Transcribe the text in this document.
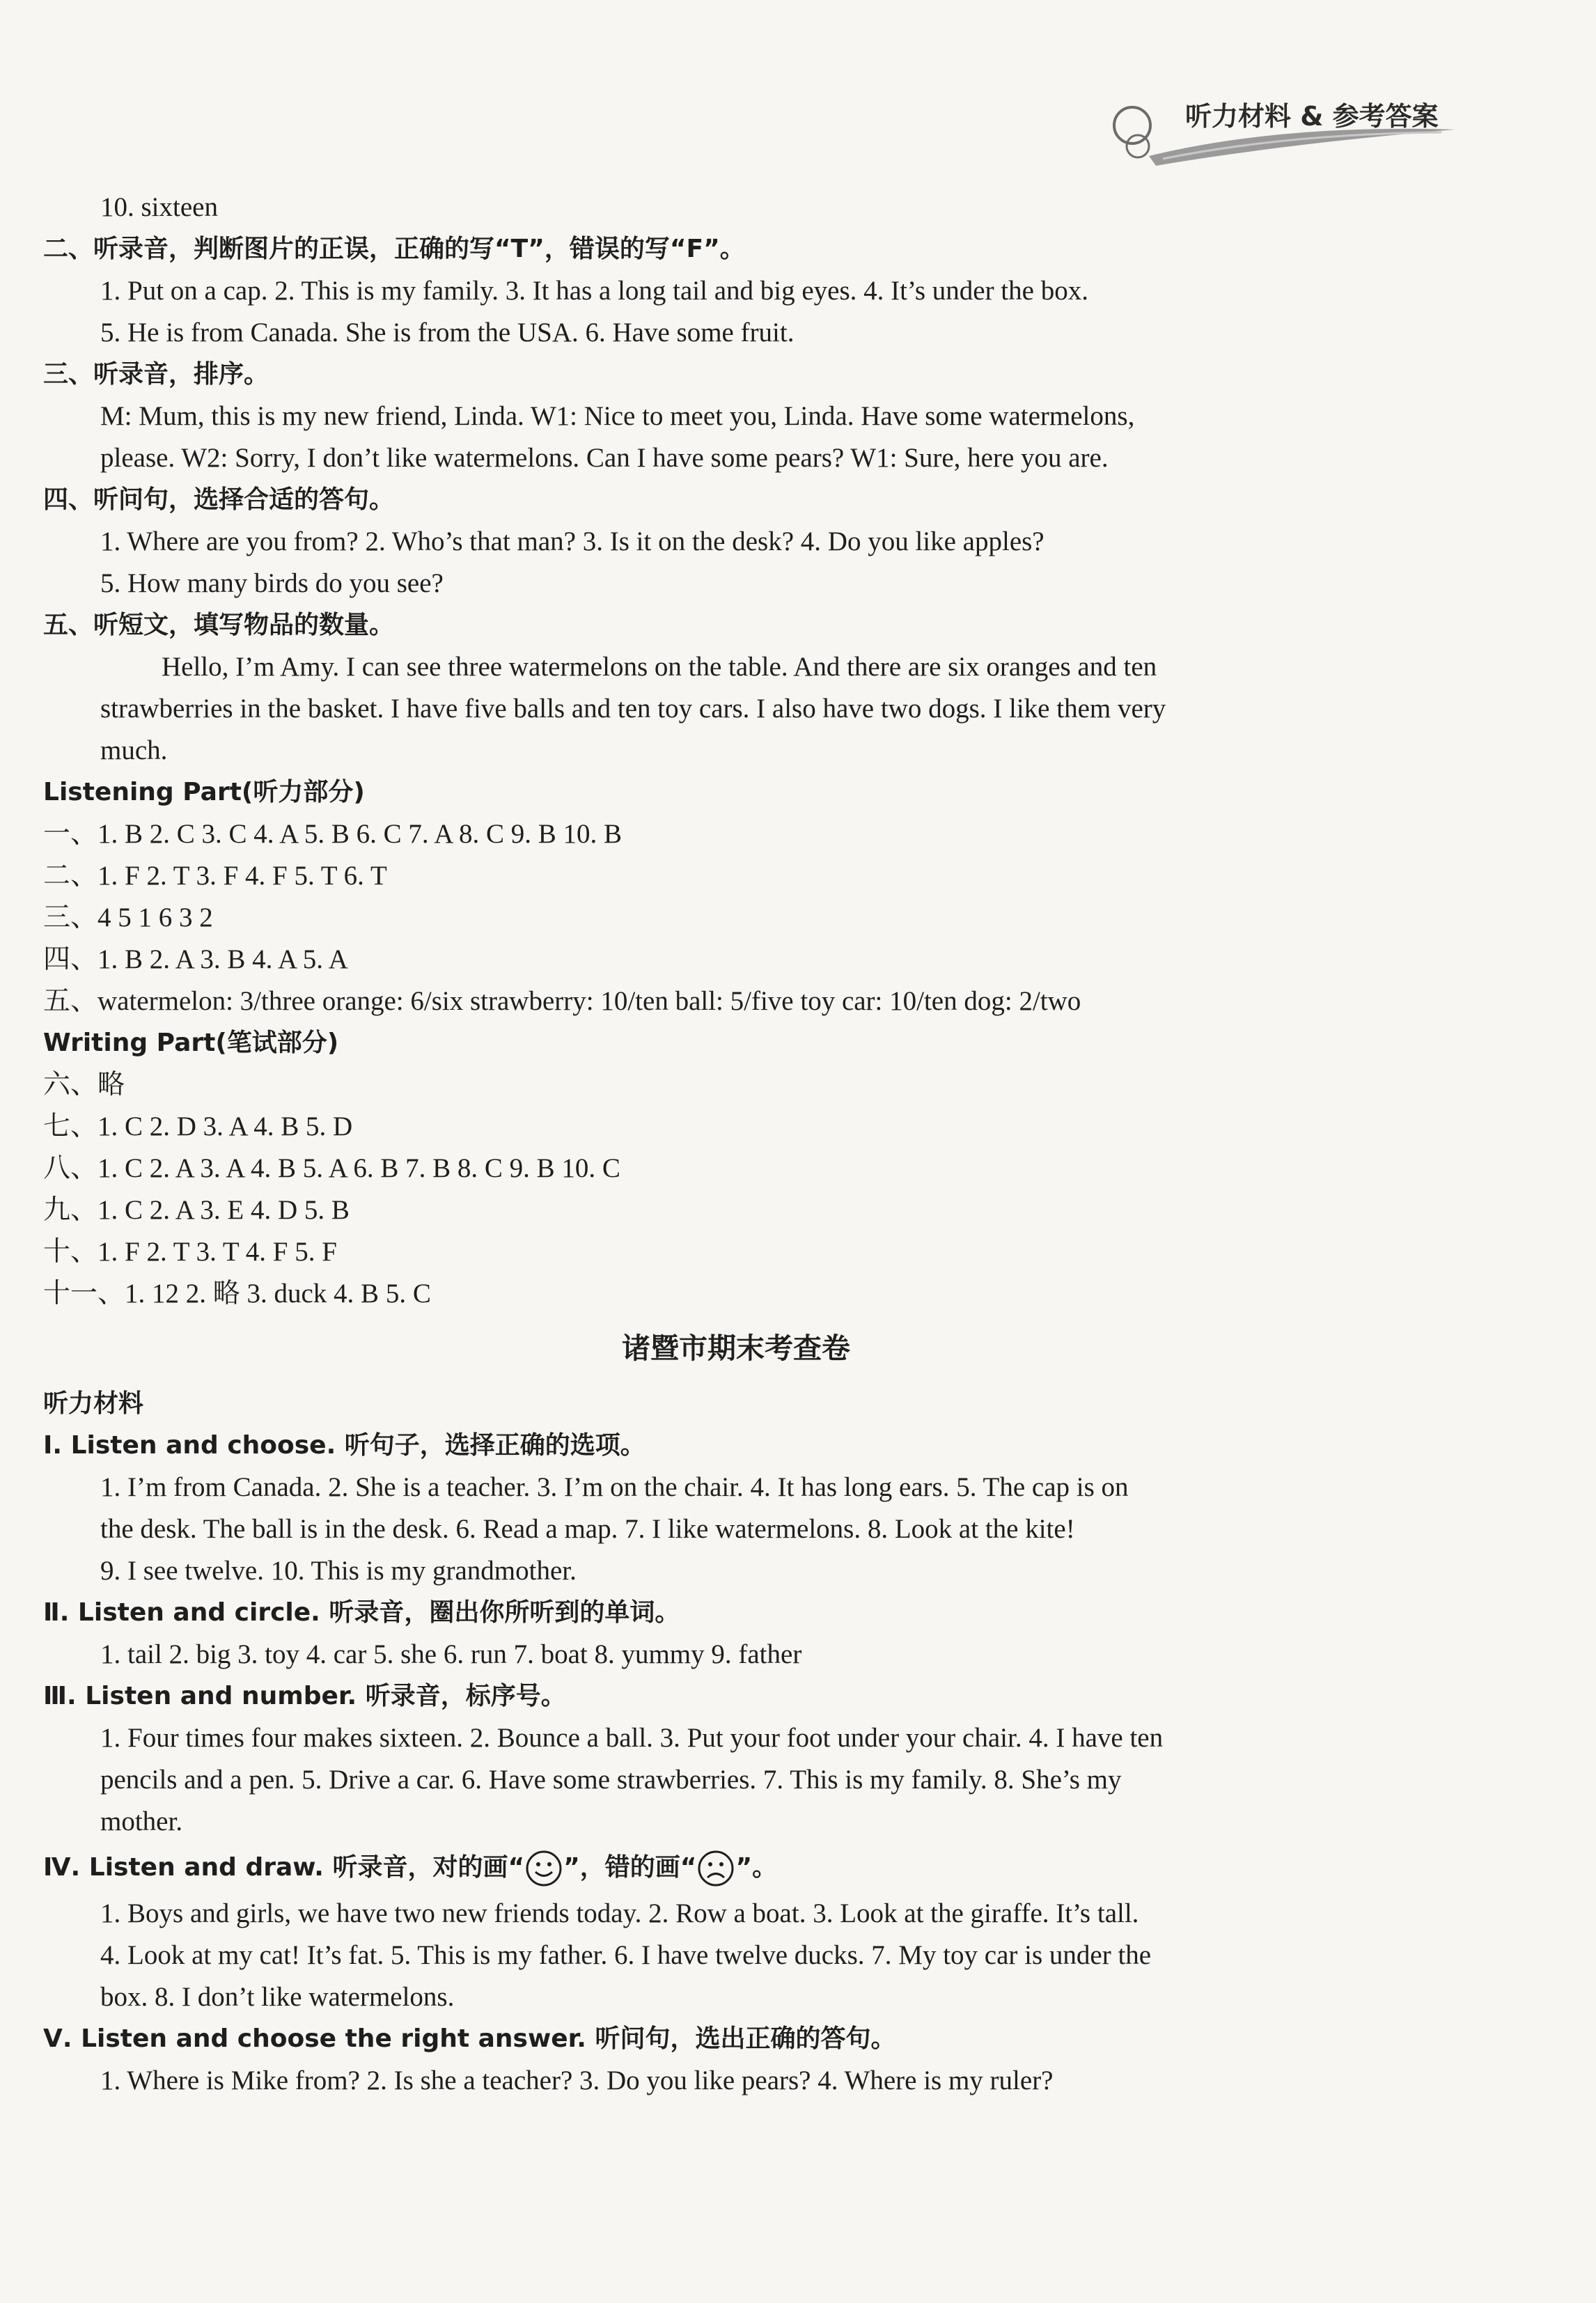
听力材料 & 参考答案
10. sixteen
二、听录音，判断图片的正误，正确的写“T”，错误的写“F”。
1. Put on a cap. 2. This is my family. 3. It has a long tail and big eyes. 4. It’s under the box.
5. He is from Canada. She is from the USA. 6. Have some fruit.
三、听录音，排序。
M: Mum, this is my new friend, Linda. W1: Nice to meet you, Linda. Have some watermelons,
please. W2: Sorry, I don’t like watermelons. Can I have some pears? W1: Sure, here you are.
四、听问句，选择合适的答句。
1. Where are you from? 2. Who’s that man? 3. Is it on the desk? 4. Do you like apples?
5. How many birds do you see?
五、听短文，填写物品的数量。
Hello, I’m Amy. I can see three watermelons on the table. And there are six oranges and ten
strawberries in the basket. I have five balls and ten toy cars. I also have two dogs. I like them very
much.
Listening Part(听力部分)
一、1. B 2. C 3. C 4. A 5. B 6. C 7. A 8. C 9. B 10. B
二、1. F 2. T 3. F 4. F 5. T 6. T
三、4 5 1 6 3 2
四、1. B 2. A 3. B 4. A 5. A
五、watermelon: 3/three orange: 6/six strawberry: 10/ten ball: 5/five toy car: 10/ten dog: 2/two
Writing Part(笔试部分)
六、略
七、1. C 2. D 3. A 4. B 5. D
八、1. C 2. A 3. A 4. B 5. A 6. B 7. B 8. C 9. B 10. C
九、1. C 2. A 3. E 4. D 5. B
十、1. F 2. T 3. T 4. F 5. F
十一、1. 12 2. 略 3. duck 4. B 5. C
诸暨市期末考查卷
听力材料
Ⅰ. Listen and choose. 听句子，选择正确的选项。
1. I’m from Canada. 2. She is a teacher. 3. I’m on the chair. 4. It has long ears. 5. The cap is on
the desk. The ball is in the desk. 6. Read a map. 7. I like watermelons. 8. Look at the kite!
9. I see twelve. 10. This is my grandmother.
Ⅱ. Listen and circle. 听录音，圈出你所听到的单词。
1. tail 2. big 3. toy 4. car 5. she 6. run 7. boat 8. yummy 9. father
Ⅲ. Listen and number. 听录音，标序号。
1. Four times four makes sixteen. 2. Bounce a ball. 3. Put your foot under your chair. 4. I have ten
pencils and a pen. 5. Drive a car. 6. Have some strawberries. 7. This is my family. 8. She’s my
mother.
Ⅳ. Listen and draw. 听录音，对的画“ ”，错的画“ ”。
1. Boys and girls, we have two new friends today. 2. Row a boat. 3. Look at the giraffe. It’s tall.
4. Look at my cat! It’s fat. 5. This is my father. 6. I have twelve ducks. 7. My toy car is under the
box. 8. I don’t like watermelons.
Ⅴ. Listen and choose the right answer. 听问句，选出正确的答句。
1. Where is Mike from? 2. Is she a teacher? 3. Do you like pears? 4. Where is my ruler?
